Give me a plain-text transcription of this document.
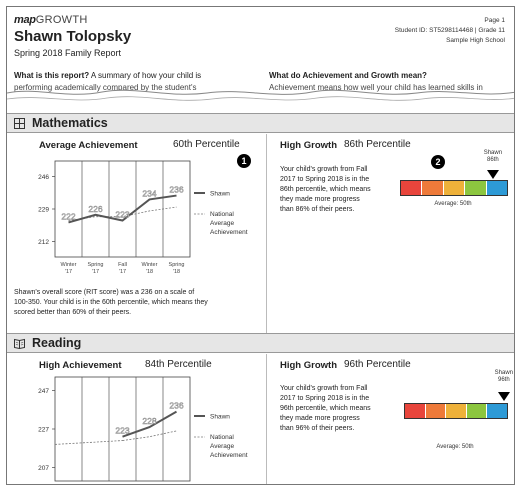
mapGROWTH
Shawn Tolopsky
Spring 2018 Family Report
Page 1
Student ID: ST5298114468 | Grade 11
Sample High School
What is this report? A summary of how your child is	What do Achievement and Growth mean?
performing academically compared by the student's	Achievement means how well your child has learned skills in
Mathematics
Average Achievement	60th Percentile
1
212
229
246
222
226
223
234 236
Winter
'17
Spring
'17
Fall
'17
Winter
'18
Spring
'18
Shawn
National
Average
Achievement
Shawn's overall score (RIT score) was a 236 on a scale of
100-350. Your child is in the 60th percentile, which means they
scored better than 60% of their peers.
High Growth 86th Percentile
2
Your child's growth from Fall
2017 to Spring 2018 is in the
86th percentile, which means
they made more progress
than 86% of their peers.
Shawn
86th
Average: 50th
Reading
High Achievement 84th Percentile
207
227
247
223
228
236
Shawn
National
Average
Achievement
High Growth 96th Percentile
Your child's growth from Fall
2017 to Spring 2018 is in the
96th percentile, which means
they made more progress
than 96% of their peers.
Shawn
96th
Average: 50th
